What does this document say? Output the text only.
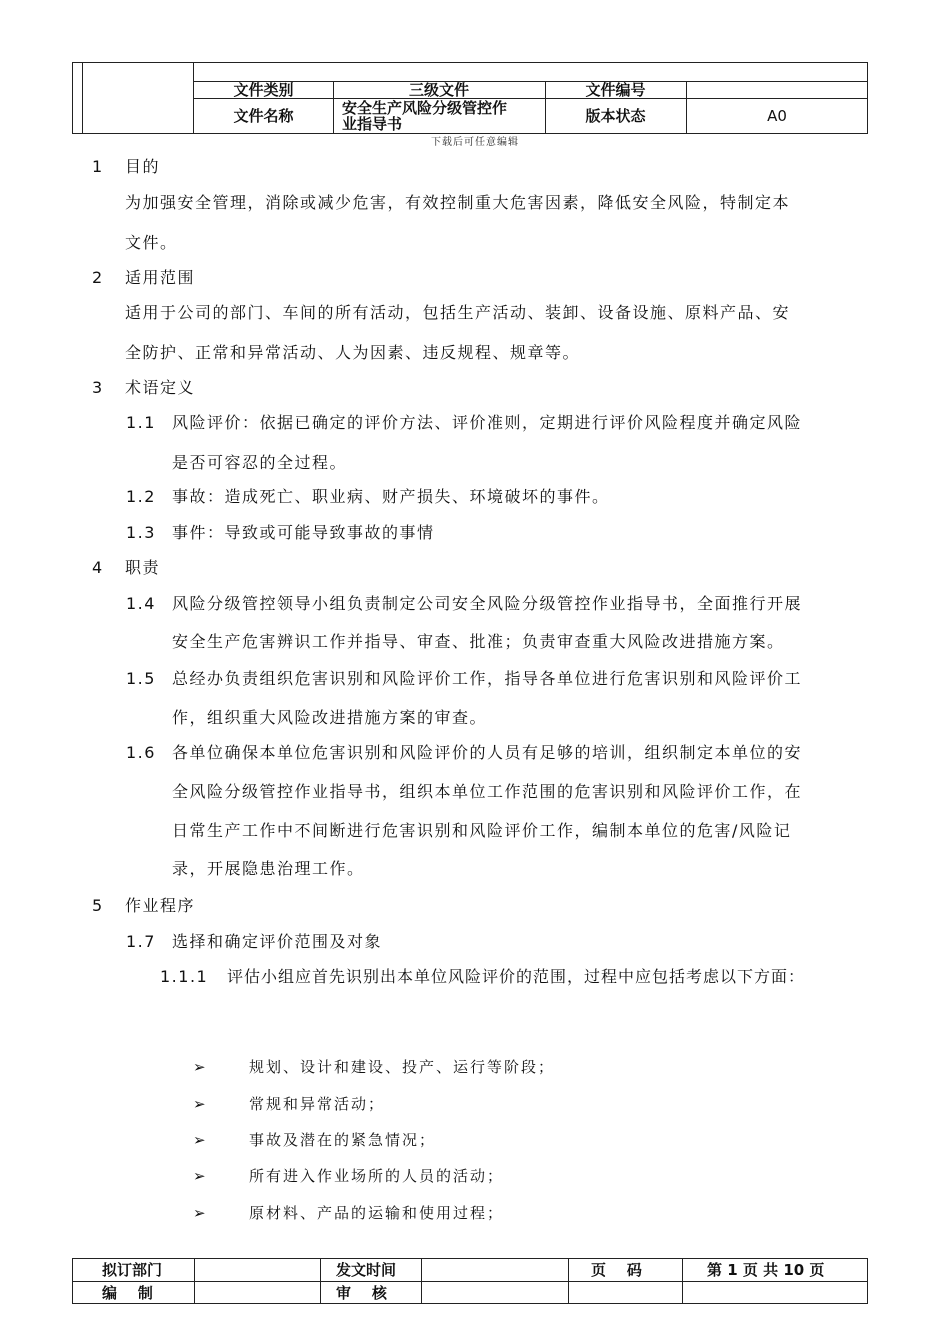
文件类别	三级文件	文件编号
文件名称	安全生产风险分级管控作
业指导书	版本状态	A0
下载后可任意编辑
1 目的
为加强安全管理，消除或减少危害，有效控制重大危害因素，降低安全风险，特制定本
文件。
2 适用范围
适用于公司的部门、车间的所有活动，包括生产活动、装卸、设备设施、原料产品、安
全防护、正常和异常活动、人为因素、违反规程、规章等。
3 术语定义
1.1 风险评价：依据已确定的评价方法、评价准则，定期进行评价风险程度并确定风险
是否可容忍的全过程。
1.2 事故：造成死亡、职业病、财产损失、环境破坏的事件。
1.3 事件：导致或可能导致事故的事情
4 职责
1.4 风险分级管控领导小组负责制定公司安全风险分级管控作业指导书，全面推行开展
安全生产危害辨识工作并指导、审查、批准；负责审查重大风险改进措施方案。
1.5 总经办负责组织危害识别和风险评价工作，指导各单位进行危害识别和风险评价工
作，组织重大风险改进措施方案的审查。
1.6 各单位确保本单位危害识别和风险评价的人员有足够的培训，组织制定本单位的安
全风险分级管控作业指导书，组织本单位工作范围的危害识别和风险评价工作，在
日常生产工作中不间断进行危害识别和风险评价工作，编制本单位的危害/风险记
录，开展隐患治理工作。
5 作业程序
1.7 选择和确定评价范围及对象
1.1.1 评估小组应首先识别出本单位风险评价的范围，过程中应包括考虑以下方面：
➢	规划、设计和建设、投产、运行等阶段；
➢	常规和异常活动；
➢	事故及潜在的紧急情况；
➢	所有进入作业场所的人员的活动；
➢	原材料、产品的运输和使用过程；
拟订部门	发文时间	页    码	第 1 页 共 10 页
编    制	审    核
